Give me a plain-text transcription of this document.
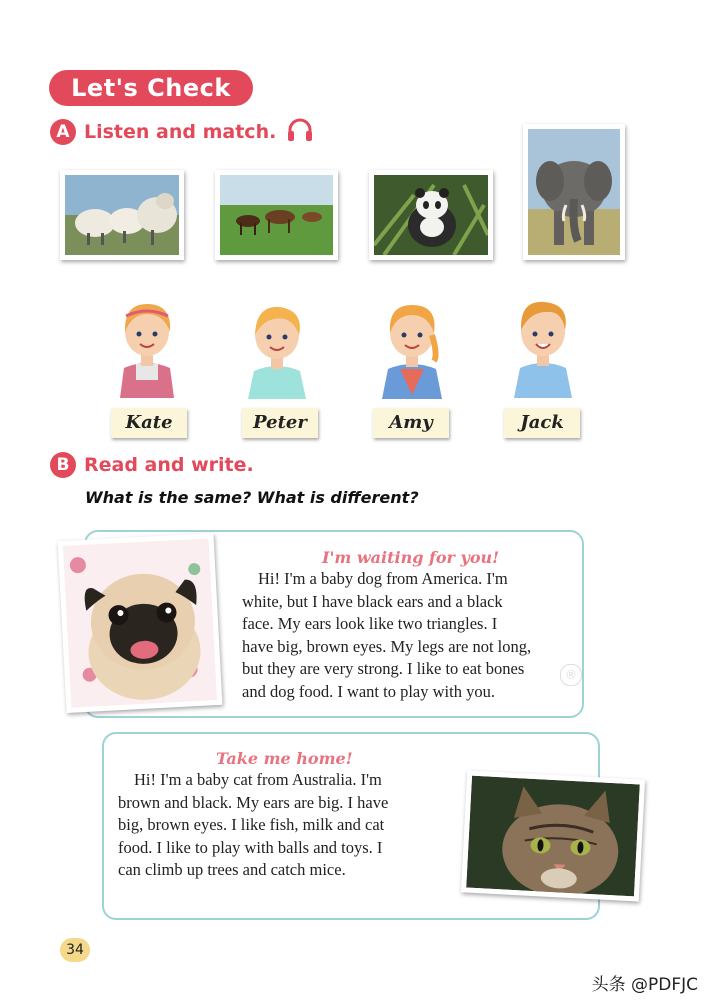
Let's Check
A Listen and match.
Kate	Peter	Amy	Jack
B Read and write.
What is the same? What is different?
I'm waiting for you!
Hi! I'm a baby dog from America. I'm
white, but I have black ears and a black
face. My ears look like two triangles. I
have big, brown eyes. My legs are not long,
but they are very strong. I like to eat bones
and dog food. I want to play with you.
®
Take me home!
Hi! I'm a baby cat from Australia. I'm
brown and black. My ears are big. I have
big, brown eyes. I like fish, milk and cat
food. I like to play with balls and toys. I
can climb up trees and catch mice.
34
头条 @PDFJC
